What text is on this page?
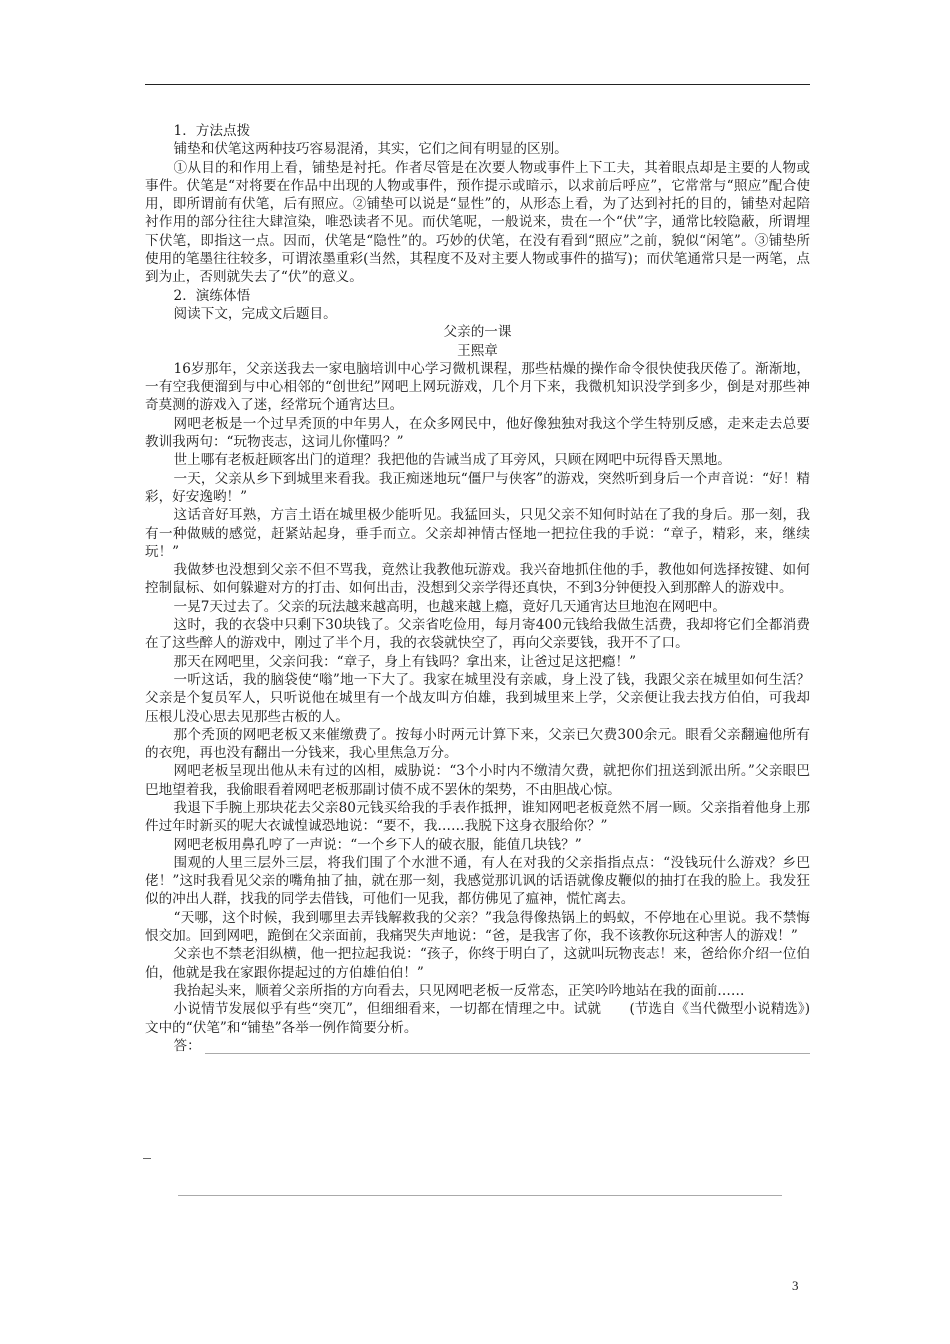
1．方法点拨

铺垫和伏笔这两种技巧容易混淆，其实，它们之间有明显的区别。

①从目的和作用上看，铺垫是衬托。作者尽管是在次要人物或事件上下工夫，其着眼点却是主要的人物或事件。伏笔是“对将要在作品中出现的人物或事件，预作提示或暗示，以求前后呼应”，它常常与“照应”配合使用，即所谓前有伏笔，后有照应。②铺垫可以说是“显性”的，从形态上看，为了达到衬托的目的，铺垫对起陪衬作用的部分往往大肆渲染，唯恐读者不见。而伏笔呢，一般说来，贵在一个“伏”字，通常比较隐蔽，所谓埋下伏笔，即指这一点。因而，伏笔是“隐性”的。巧妙的伏笔，在没有看到“照应”之前，貌似“闲笔”。③铺垫所使用的笔墨往往较多，可谓浓墨重彩(当然，其程度不及对主要人物或事件的描写)；而伏笔通常只是一两笔，点到为止，否则就失去了“伏”的意义。

2．演练体悟

阅读下文，完成文后题目。

父亲的一课

王熙章

16岁那年，父亲送我去一家电脑培训中心学习微机课程，那些枯燥的操作命令很快使我厌倦了。渐渐地，一有空我便溜到与中心相邻的“创世纪”网吧上网玩游戏，几个月下来，我微机知识没学到多少，倒是对那些神奇莫测的游戏入了迷，经常玩个通宵达旦。

网吧老板是一个过早秃顶的中年男人，在众多网民中，他好像独独对我这个学生特别反感，走来走去总要教训我两句：“玩物丧志，这词儿你懂吗？”

世上哪有老板赶顾客出门的道理？我把他的告诫当成了耳旁风，只顾在网吧中玩得昏天黑地。

一天，父亲从乡下到城里来看我。我正痴迷地玩“僵尸与侠客”的游戏，突然听到身后一个声音说：“好！精彩，好安逸哟！”

这话音好耳熟，方言土语在城里极少能听见。我猛回头，只见父亲不知何时站在了我的身后。那一刻，我有一种做贼的感觉，赶紧站起身，垂手而立。父亲却神情古怪地一把拉住我的手说：“章子，精彩，来，继续玩！”

我做梦也没想到父亲不但不骂我，竟然让我教他玩游戏。我兴奋地抓住他的手，教他如何选择按键、如何控制鼠标、如何躲避对方的打击、如何出击，没想到父亲学得还真快，不到3分钟便投入到那醉人的游戏中。

一晃7天过去了。父亲的玩法越来越高明，也越来越上瘾，竟好几天通宵达旦地泡在网吧中。

这时，我的衣袋中只剩下30块钱了。父亲省吃俭用，每月寄400元钱给我做生活费，我却将它们全都消费在了这些醉人的游戏中，刚过了半个月，我的衣袋就快空了，再向父亲要钱，我开不了口。

那天在网吧里，父亲问我：“章子，身上有钱吗？拿出来，让爸过足这把瘾！”

一听这话，我的脑袋使“嗡”地一下大了。我家在城里没有亲戚，身上没了钱，我跟父亲在城里如何生活？父亲是个复员军人，只听说他在城里有一个战友叫方伯雄，我到城里来上学，父亲便让我去找方伯伯，可我却压根儿没心思去见那些古板的人。

那个秃顶的网吧老板又来催缴费了。按每小时两元计算下来，父亲已欠费300余元。眼看父亲翻遍他所有的衣兜，再也没有翻出一分钱来，我心里焦急万分。

网吧老板呈现出他从未有过的凶相，威胁说：“3个小时内不缴清欠费，就把你们扭送到派出所。”父亲眼巴巴地望着我，我偷眼看着网吧老板那副讨债不成不罢休的架势，不由胆战心惊。

我退下手腕上那块花去父亲80元钱买给我的手表作抵押，谁知网吧老板竟然不屑一顾。父亲指着他身上那件过年时新买的呢大衣诚惶诚恐地说：“要不，我……我脱下这身衣服给你？”

网吧老板用鼻孔哼了一声说：“一个乡下人的破衣服，能值几块钱？”

围观的人里三层外三层，将我们围了个水泄不通，有人在对我的父亲指指点点：“没钱玩什么游戏？乡巴佬！”这时我看见父亲的嘴角抽了抽，就在那一刻，我感觉那讥讽的话语就像皮鞭似的抽打在我的脸上。我发狂似的冲出人群，找我的同学去借钱，可他们一见我，都仿佛见了瘟神，慌忙离去。

“天哪，这个时候，我到哪里去弄钱解救我的父亲？”我急得像热锅上的蚂蚁，不停地在心里说。我不禁悔恨交加。回到网吧，跪倒在父亲面前，我痛哭失声地说：“爸，是我害了你，我不该教你玩这种害人的游戏！”

父亲也不禁老泪纵横，他一把拉起我说：“孩子，你终于明白了，这就叫玩物丧志！来，爸给你介绍一位伯伯，他就是我在家跟你提起过的方伯雄伯伯！”

我抬起头来，顺着父亲所指的方向看去，只见网吧老板一反常态，正笑吟吟地站在我的面前……
(节选自《当代微型小说精选》)

小说情节发展似乎有些“突兀”，但细细看来，一切都在情理之中。试就文中的“伏笔”和“铺垫”各举一例作简要分析。

答：
3
